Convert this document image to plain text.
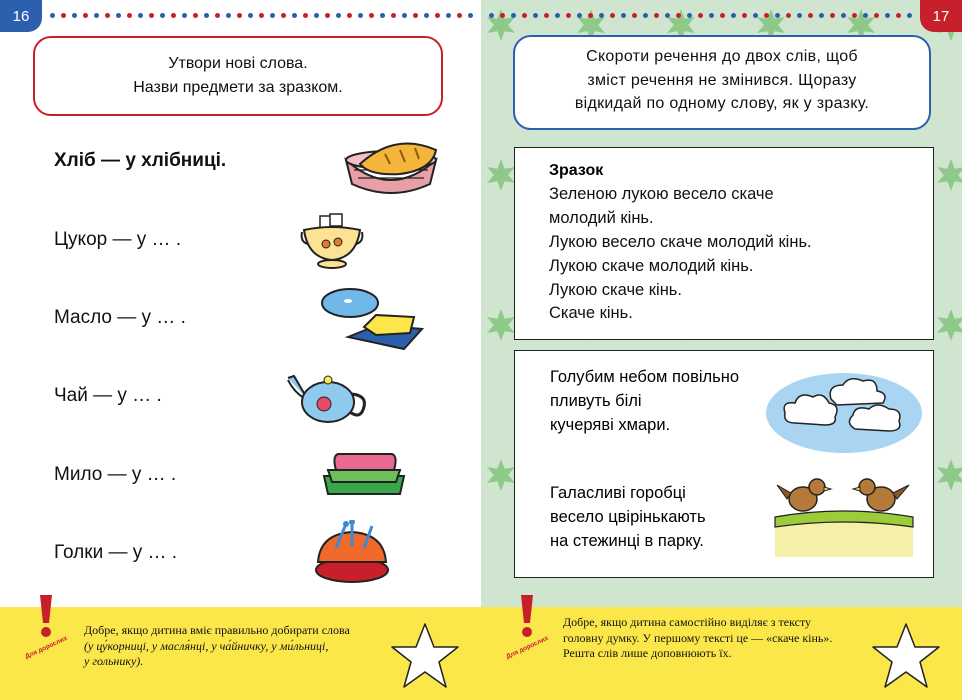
16
Утвори нові слова.
Назви предмети за зразком.
Хліб — у хлібниці.
Цукор — у … .
Масло — у … .
Чай — у … .
Мило — у … .
Голки — у … .
Для дорослих
Добре, якщо дитина вміє правильно добирати слова
(у цу́корниці, у масля́нці, у ча́йничку, у ми́льниці,
у гольнику).
17
Скороти речення до двох слів, щоб
зміст речення не змінився. Щоразу
відкидай по одному слову, як у зразку.
Зразок
Зеленою лукою весело скаче
молодий кінь.
Лукою весело скаче молодий кінь.
Лукою скаче молодий кінь.
Лукою скаче кінь.
Скаче кінь.
Голубим небом повільно
пливуть білі
кучеряві хмари.
Галасливі горобці
весело цвірінькають
на стежинці в парку.
Для дорослих
Добре, якщо дитина самостійно виділяє з тексту
головну думку. У першому тексті це — «скаче кінь».
Решта слів лише доповнюють їх.
